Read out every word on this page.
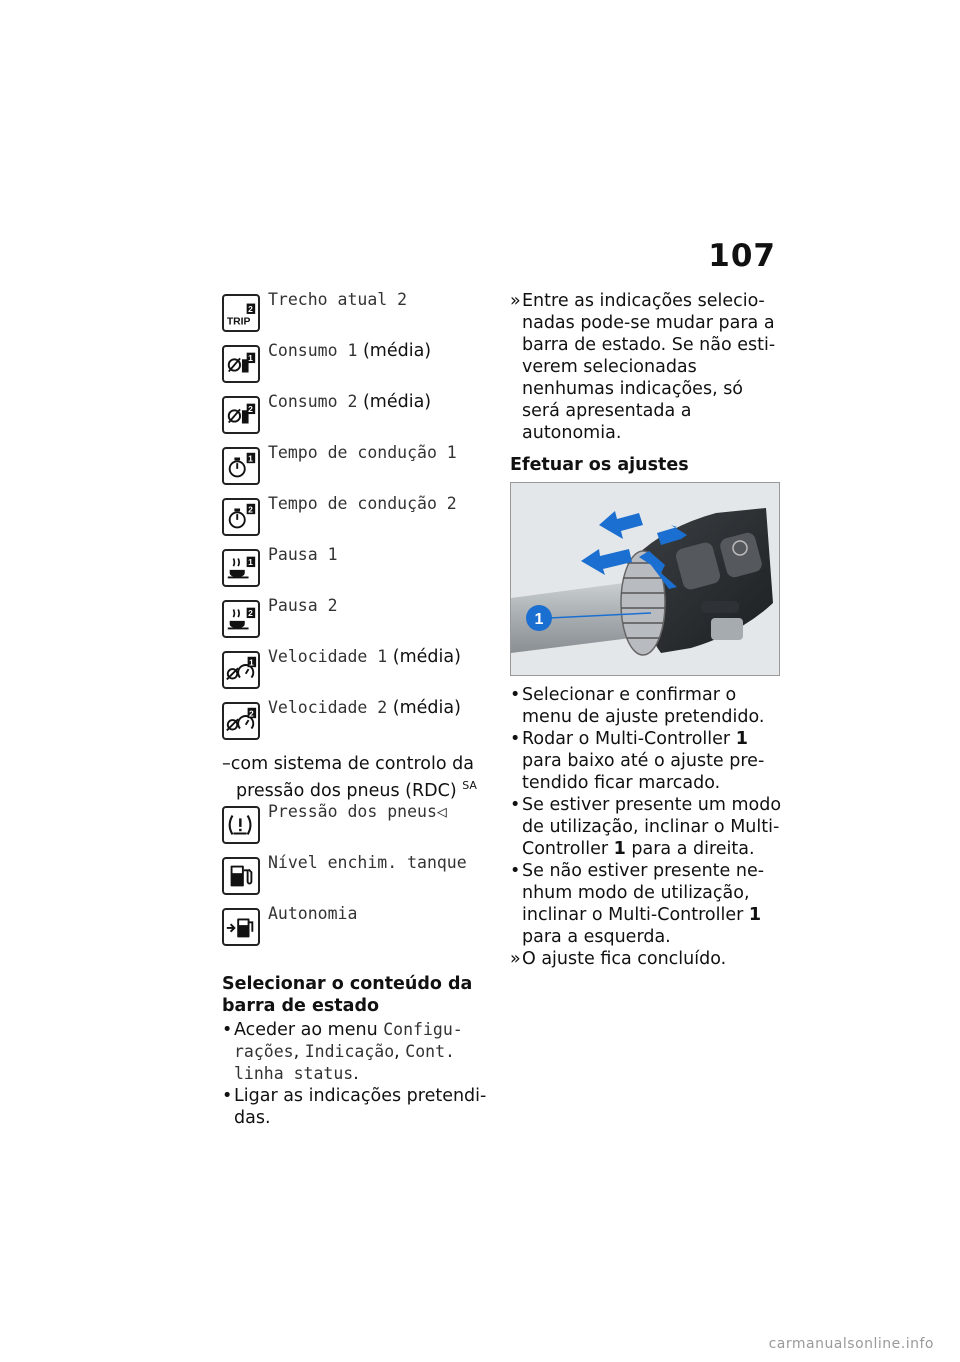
107
TRIP
2
Trecho atual 2
1 Consumo 1 (média)
2 Consumo 2 (média)
1 Tempo de condução 1
2 Tempo de condução 2
1 Pausa 1
2 Pausa 2
1 Velocidade 1 (média)
2 Velocidade 2 (média)

–com sistema de controlo da pressão dos pneus (RDC) $^{SA}$

Pressão dos pneus◁
Nível enchim. tanque
Autonomia
Selecionar o conteúdo da barra de estado

• Aceder ao menu Configurações, Indicação, Cont. linha status.

• Ligar as indicações pretendidas.

» Entre as indicações selecionadas pode-se mudar para a barra de estado. Se não estiverem selecionadas nenhumas indicações, só será apresentada a autonomia.

Efetuar os ajustes
1

• Selecionar e confirmar o menu de ajuste pretendido.

• Rodar o Multi-Controller 1 para baixo até o ajuste pretendido ficar marcado.

• Se estiver presente um modo de utilização, inclinar o Multi-Controller 1 para a direita.

• Se não estiver presente nenhum modo de utilização, inclinar o Multi-Controller 1 para a esquerda.

» O ajuste fica concluído.

carmanualsonline.info
